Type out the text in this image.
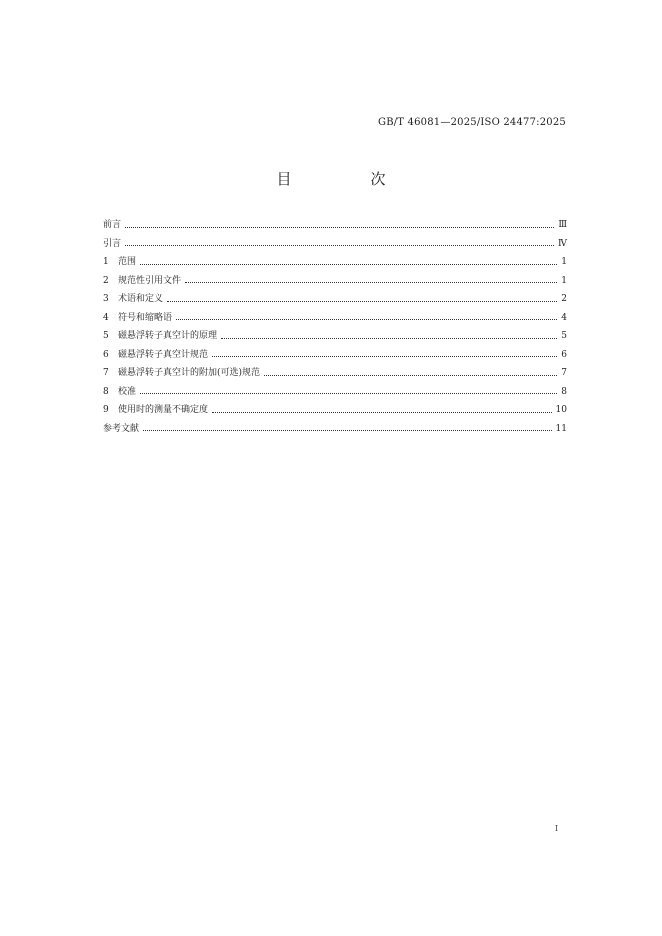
GB/T 46081—2025/ISO 24477:2025
目　次
前言	Ⅲ
引言	Ⅳ
1	范围	1
2	规范性引用文件	1
3	术语和定义	2
4	符号和缩略语	4
5	磁悬浮转子真空计的原理	5
6	磁悬浮转子真空计规范	6
7	磁悬浮转子真空计的附加(可选)规范	7
8	校准	8
9	使用时的测量不确定度	10
参考文献	11
I
